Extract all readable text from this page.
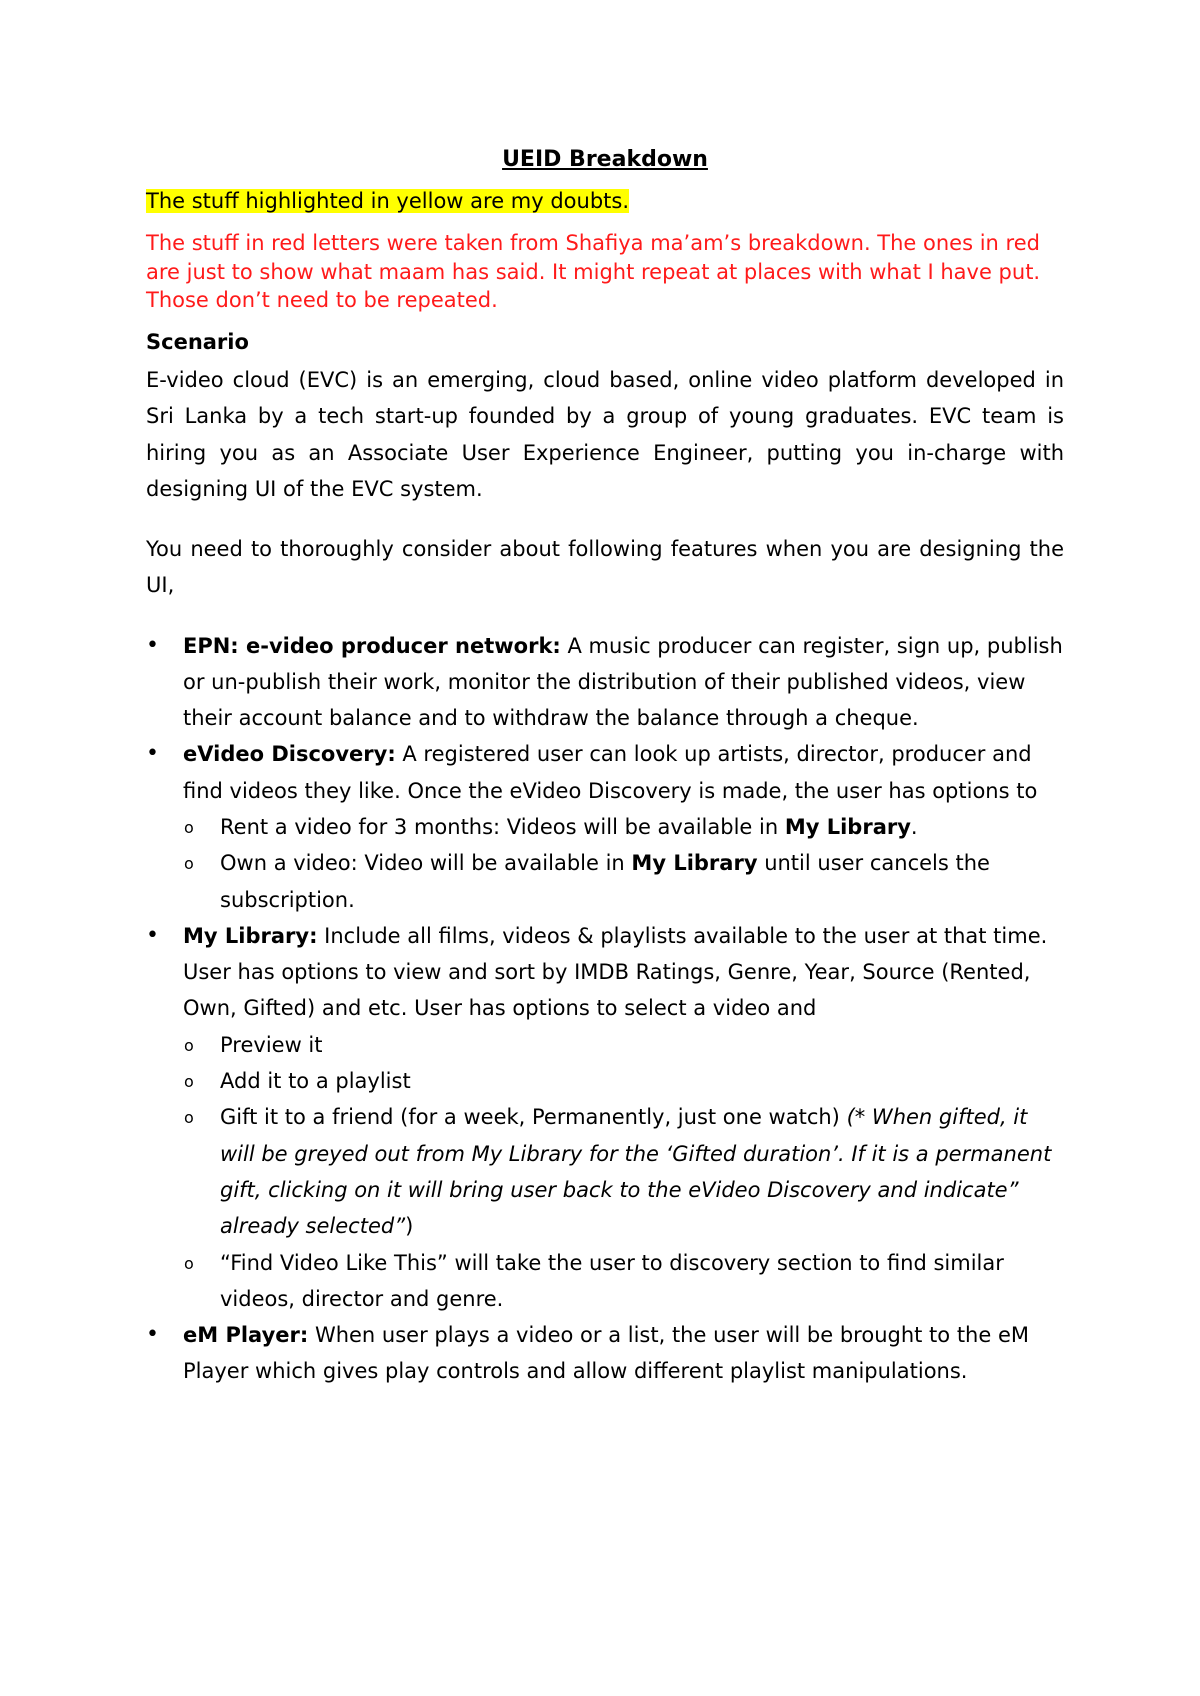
UEID Breakdown
The stuff highlighted in yellow are my doubts.

The stuff in red letters were taken from Shafiya ma’am’s breakdown. The ones in red are just to show what maam has said. It might repeat at places with what I have put. Those don’t need to be repeated.

Scenario

E-video cloud (EVC) is an emerging, cloud based, online video platform developed in Sri Lanka by a tech start-up founded by a group of young graduates. EVC team is hiring you as an Associate User Experience Engineer, putting you in-charge with designing UI of the EVC system.

You need to thoroughly consider about following features when you are designing the UI,

• EPN: e-video producer network: A music producer can register, sign up, publish or un-publish their work, monitor the distribution of their published videos, view their account balance and to withdraw the balance through a cheque.
• eVideo Discovery: A registered user can look up artists, director, producer and find videos they like. Once the eVideo Discovery is made, the user has options to
o Rent a video for 3 months: Videos will be available in My Library.
o Own a video: Video will be available in My Library until user cancels the subscription.
• My Library: Include all films, videos & playlists available to the user at that time. User has options to view and sort by IMDB Ratings, Genre, Year, Source (Rented, Own, Gifted) and etc. User has options to select a video and
o Preview it
o Add it to a playlist
o Gift it to a friend (for a week, Permanently, just one watch) (* When gifted, it will be greyed out from My Library for the ‘Gifted duration’. If it is a permanent gift, clicking on it will bring user back to the eVideo Discovery and indicate” already selected”)
o “Find Video Like This” will take the user to discovery section to find similar videos, director and genre.
• eM Player: When user plays a video or a list, the user will be brought to the eM Player which gives play controls and allow different playlist manipulations.
